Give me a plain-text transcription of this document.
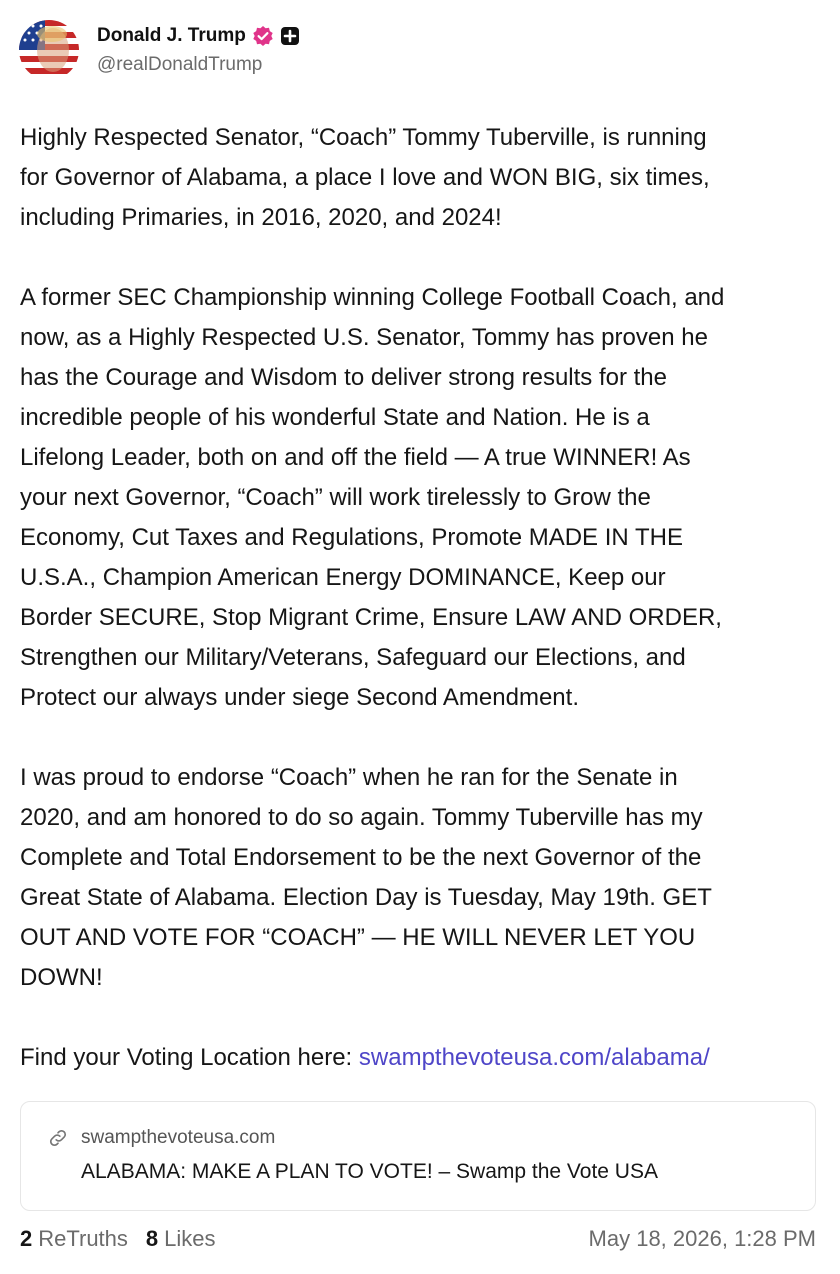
Donald J. Trump
@realDonaldTrump

Highly Respected Senator, “Coach” Tommy Tuberville, is running
for Governor of Alabama, a place I love and WON BIG, six times,
including Primaries, in 2016, 2020, and 2024!

A former SEC Championship winning College Football Coach, and
now, as a Highly Respected U.S. Senator, Tommy has proven he
has the Courage and Wisdom to deliver strong results for the
incredible people of his wonderful State and Nation. He is a
Lifelong Leader, both on and off the field — A true WINNER! As
your next Governor, “Coach” will work tirelessly to Grow the
Economy, Cut Taxes and Regulations, Promote MADE IN THE
U.S.A., Champion American Energy DOMINANCE, Keep our
Border SECURE, Stop Migrant Crime, Ensure LAW AND ORDER,
Strengthen our Military/Veterans, Safeguard our Elections, and
Protect our always under siege Second Amendment.

I was proud to endorse “Coach” when he ran for the Senate in
2020, and am honored to do so again. Tommy Tuberville has my
Complete and Total Endorsement to be the next Governor of the
Great State of Alabama. Election Day is Tuesday, May 19th. GET
OUT AND VOTE FOR “COACH” — HE WILL NEVER LET YOU
DOWN!

Find your Voting Location here: swampthevoteusa.com/alabama/

swampthevoteusa.com
ALABAMA: MAKE A PLAN TO VOTE! – Swamp the Vote USA
2 ReTruths 8 Likes	May 18, 2026, 1:28 PM
